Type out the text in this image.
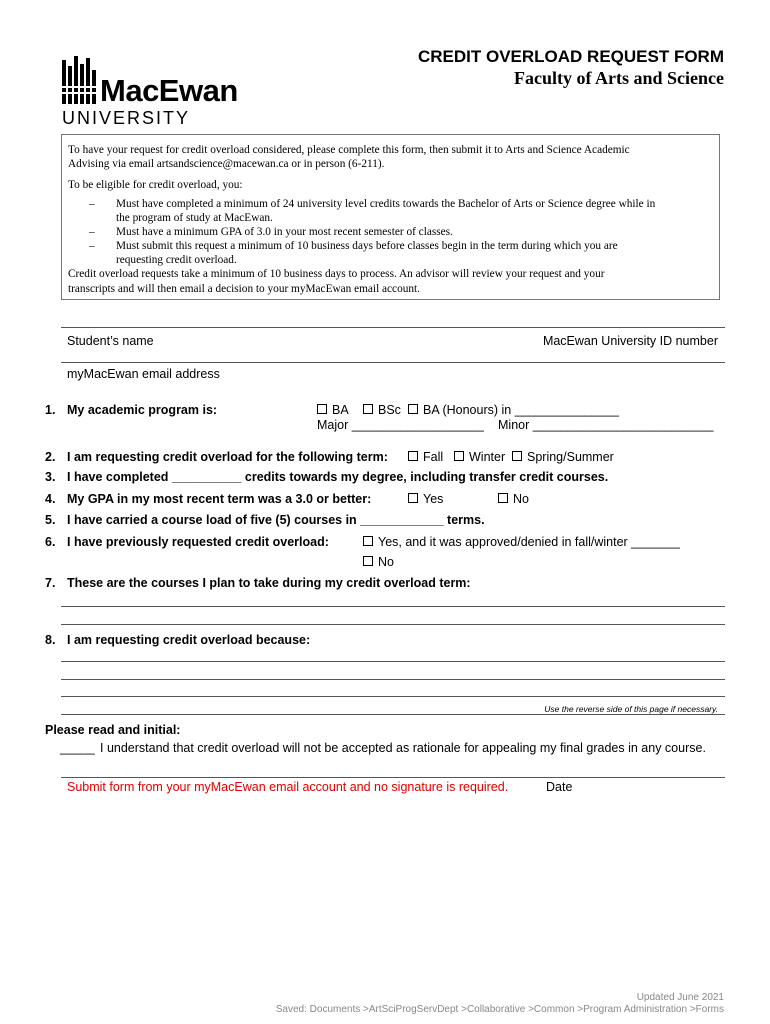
MacEwan
UNIVERSITY
CREDIT OVERLOAD REQUEST FORM
Faculty of Arts and Science
To have your request for credit overload considered, please complete this form, then submit it to Arts and Science Academic
Advising via email artsandscience@macewan.ca or in person (6-211).
To be eligible for credit overload, you:
– Must have completed a minimum of 24 university level credits towards the Bachelor of Arts or Science degree while in
the program of study at MacEwan.
– Must have a minimum GPA of 3.0 in your most recent semester of classes.
– Must submit this request a minimum of 10 business days before classes begin in the term during which you are
requesting credit overload.
Credit overload requests take a minimum of 10 business days to process. An advisor will review your request and your
transcripts and will then email a decision to your myMacEwan email account.
Student’s name	MacEwan University ID number
myMacEwan email address
1. My academic program is:	BA	BSc	BA (Honours) in _______________
Major ___________________ Minor __________________________
2. I am requesting credit overload for the following term:	Fall	Winter	Spring/Summer
3. I have completed __________ credits towards my degree, including transfer credit courses.
4. My GPA in my most recent term was a 3.0 or better:	Yes	No
5. I have carried a course load of five (5) courses in ____________ terms.
6. I have previously requested credit overload:	Yes, and it was approved/denied in fall/winter _______
No
7. These are the courses I plan to take during my credit overload term:
8. I am requesting credit overload because:
Use the reverse side of this page if necessary.
Please read and initial:
_____ I understand that credit overload will not be accepted as rationale for appealing my final grades in any course.
Submit form from your myMacEwan email account and no signature is required.	Date
Updated June 2021
Saved: Documents >ArtSciProgServDept >Collaborative >Common >Program Administration >Forms
